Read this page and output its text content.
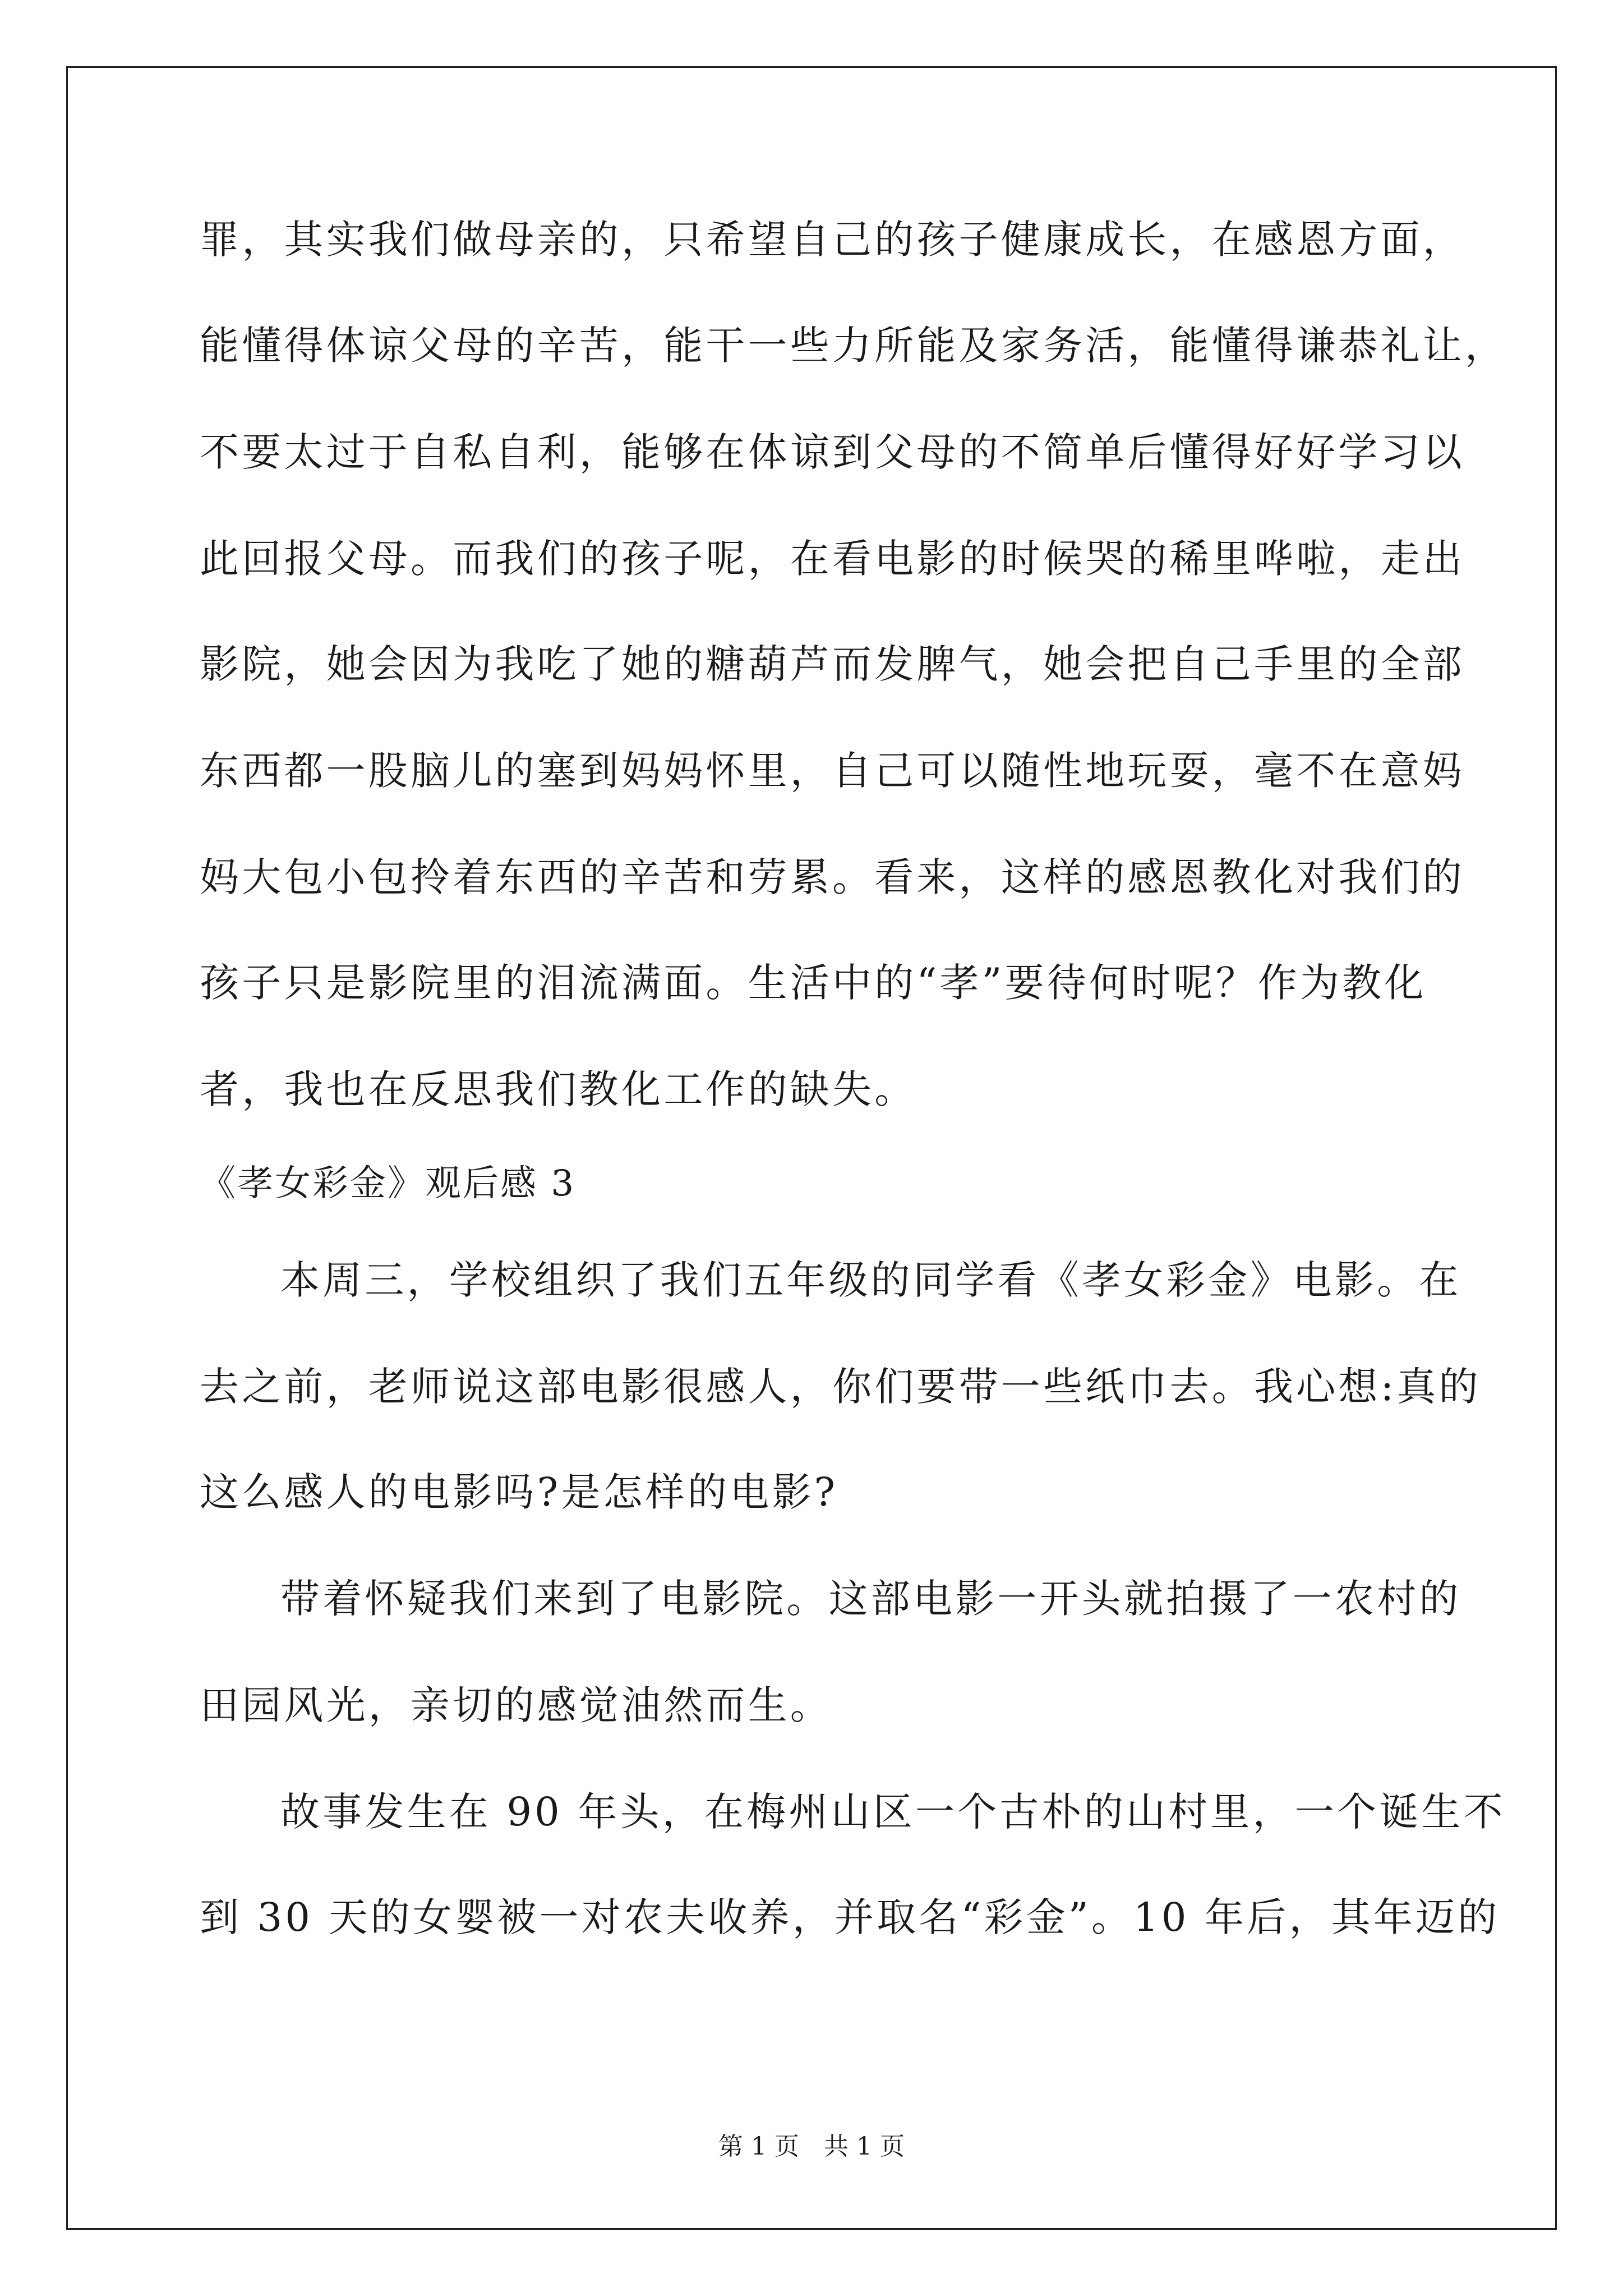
罪，其实我们做母亲的，只希望自己的孩子健康成长，在感恩方面，

能懂得体谅父母的辛苦，能干一些力所能及家务活，能懂得谦恭礼让，

不要太过于自私自利，能够在体谅到父母的不简单后懂得好好学习以

此回报父母。而我们的孩子呢，在看电影的时候哭的稀里哗啦，走出

影院，她会因为我吃了她的糖葫芦而发脾气，她会把自己手里的全部

东西都一股脑儿的塞到妈妈怀里，自己可以随性地玩耍，毫不在意妈

妈大包小包拎着东西的辛苦和劳累。看来，这样的感恩教化对我们的

孩子只是影院里的泪流满面。生活中的“孝”要待何时呢？作为教化

者，我也在反思我们教化工作的缺失。

《孝女彩金》观后感 3

本周三，学校组织了我们五年级的同学看《孝女彩金》电影。在

去之前，老师说这部电影很感人，你们要带一些纸巾去。我心想:真的

这么感人的电影吗?是怎样的电影?

带着怀疑我们来到了电影院。这部电影一开头就拍摄了一农村的

田园风光，亲切的感觉油然而生。

故事发生在 90 年头，在梅州山区一个古朴的山村里，一个诞生不

到 30 天的女婴被一对农夫收养，并取名“彩金”。10 年后，其年迈的

第 1 页　共 1 页
